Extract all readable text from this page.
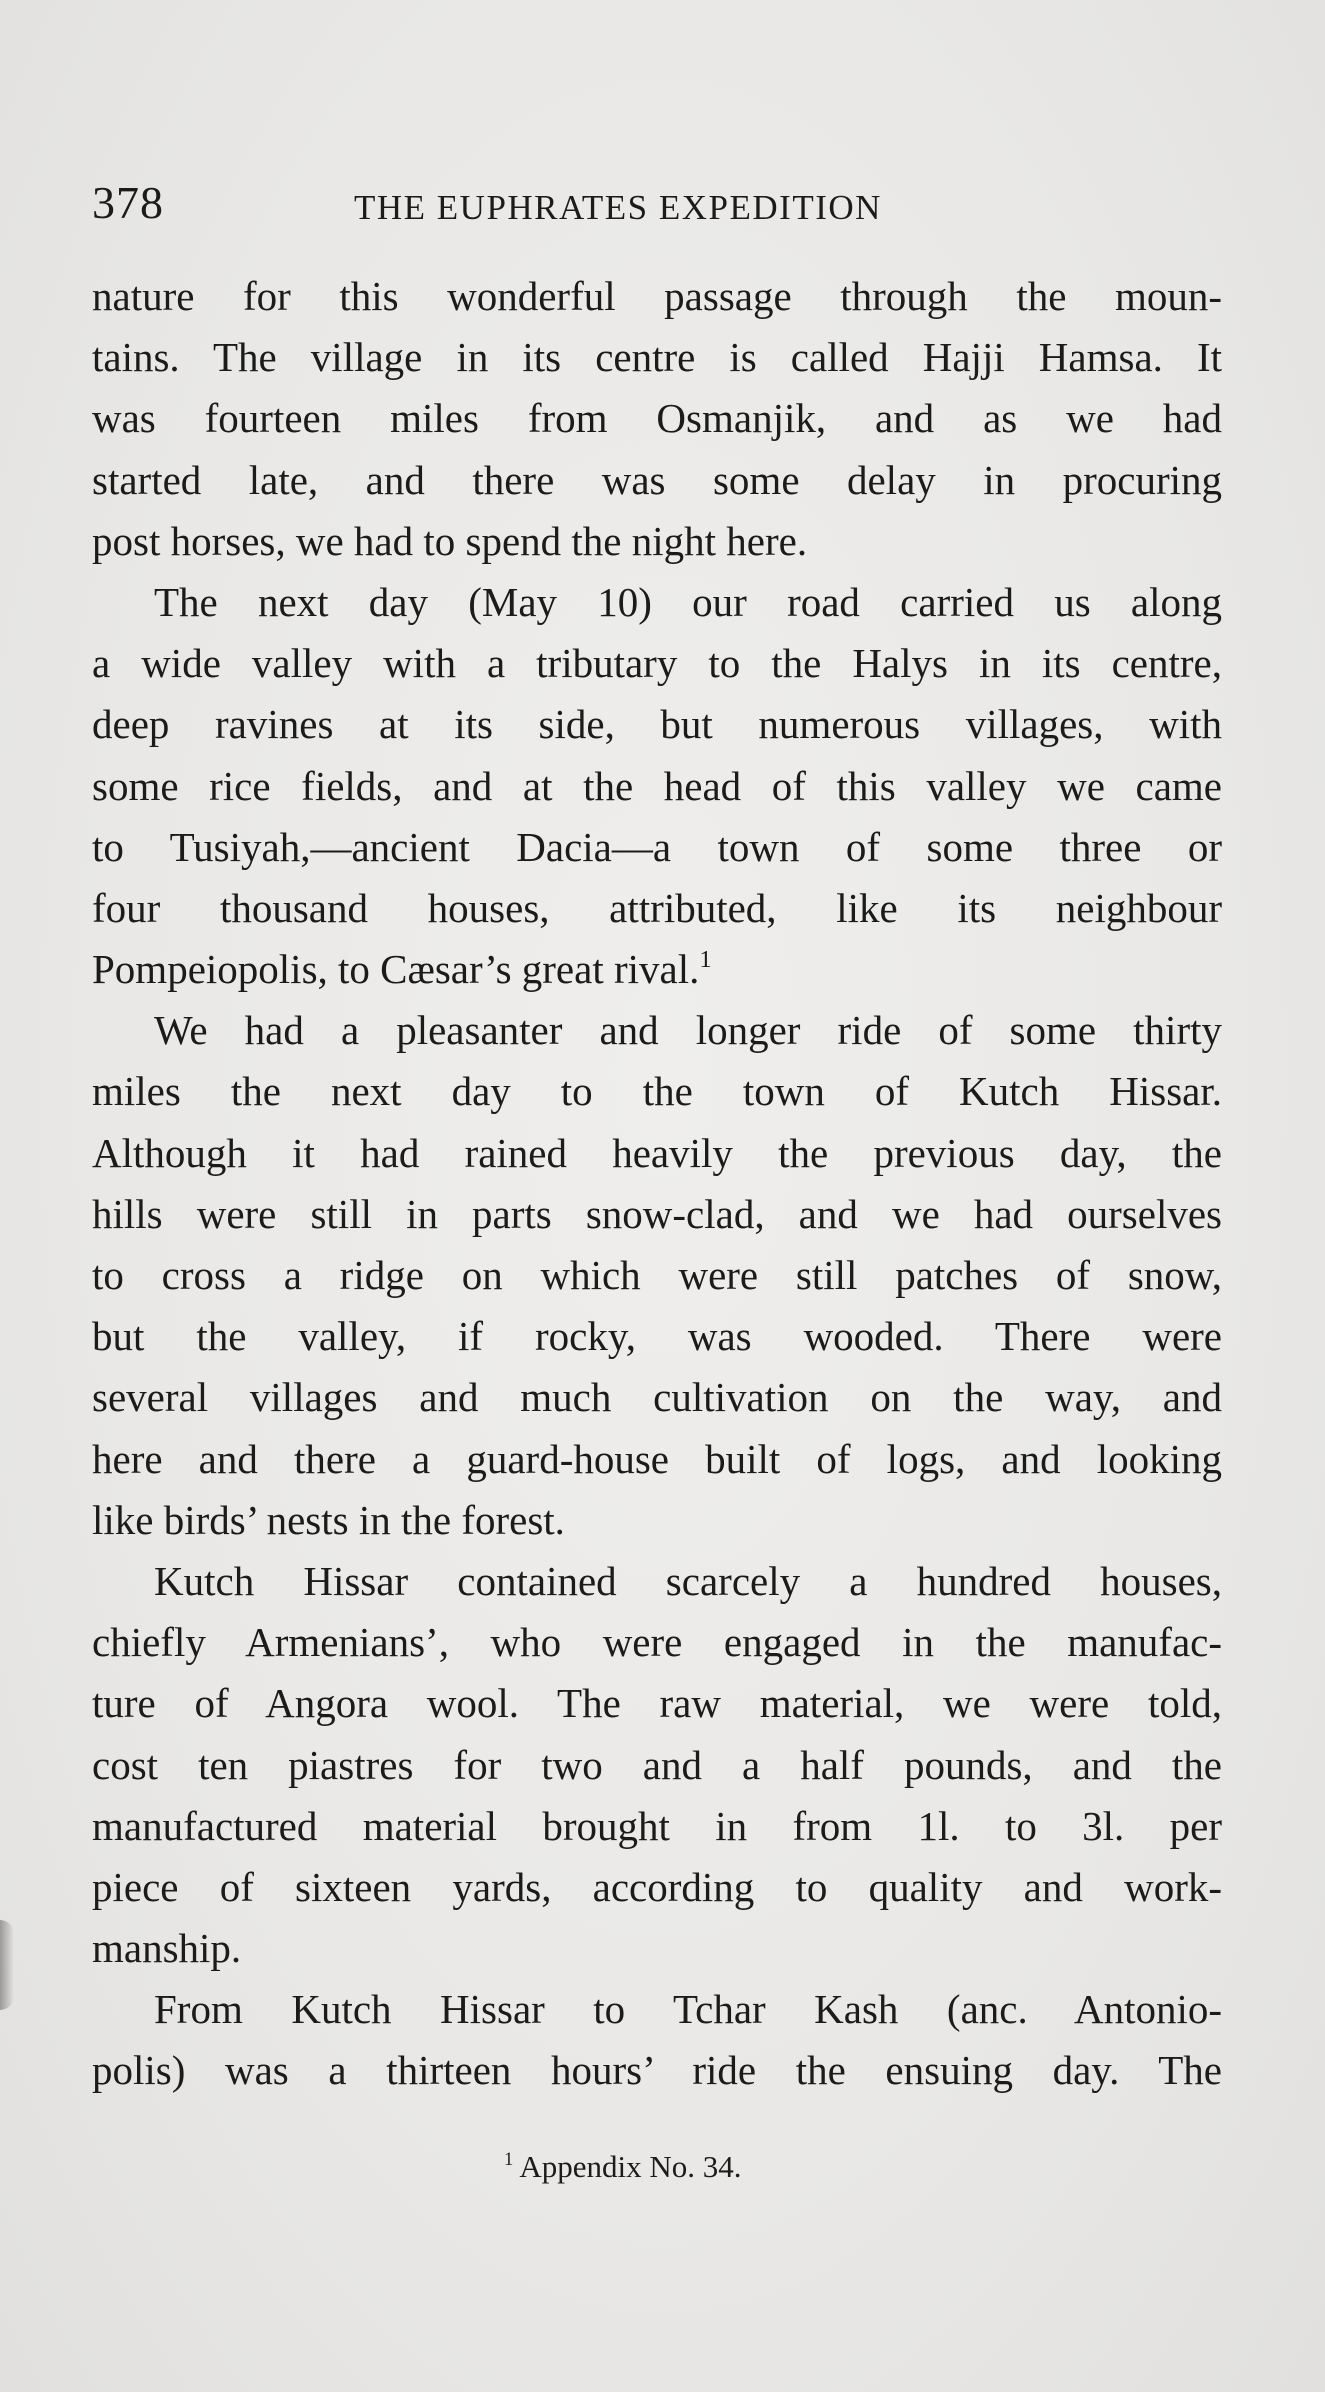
378	THE EUPHRATES EXPEDITION
nature for this wonderful passage through the moun-
tains. The village in its centre is called Hajji Hamsa. It
was fourteen miles from Osmanjik, and as we had
started late, and there was some delay in procuring
post horses, we had to spend the night here.
The next day (May 10) our road carried us along
a wide valley with a tributary to the Halys in its centre,
deep ravines at its side, but numerous villages, with
some rice fields, and at the head of this valley we came
to Tusiyah,—ancient Dacia—a town of some three or
four thousand houses, attributed, like its neighbour
Pompeiopolis, to Cæsar’s great rival.$^1$
We had a pleasanter and longer ride of some thirty
miles the next day to the town of Kutch Hissar.
Although it had rained heavily the previous day, the
hills were still in parts snow-clad, and we had ourselves
to cross a ridge on which were still patches of snow,
but the valley, if rocky, was wooded. There were
several villages and much cultivation on the way, and
here and there a guard-house built of logs, and looking
like birds’ nests in the forest.
Kutch Hissar contained scarcely a hundred houses,
chiefly Armenians’, who were engaged in the manufac-
ture of Angora wool. The raw material, we were told,
cost ten piastres for two and a half pounds, and the
manufactured material brought in from 1l. to 3l. per
piece of sixteen yards, according to quality and work-
manship.
From Kutch Hissar to Tchar Kash (anc. Antonio-
polis) was a thirteen hours’ ride the ensuing day. The
$^1$ Appendix No. 34.
